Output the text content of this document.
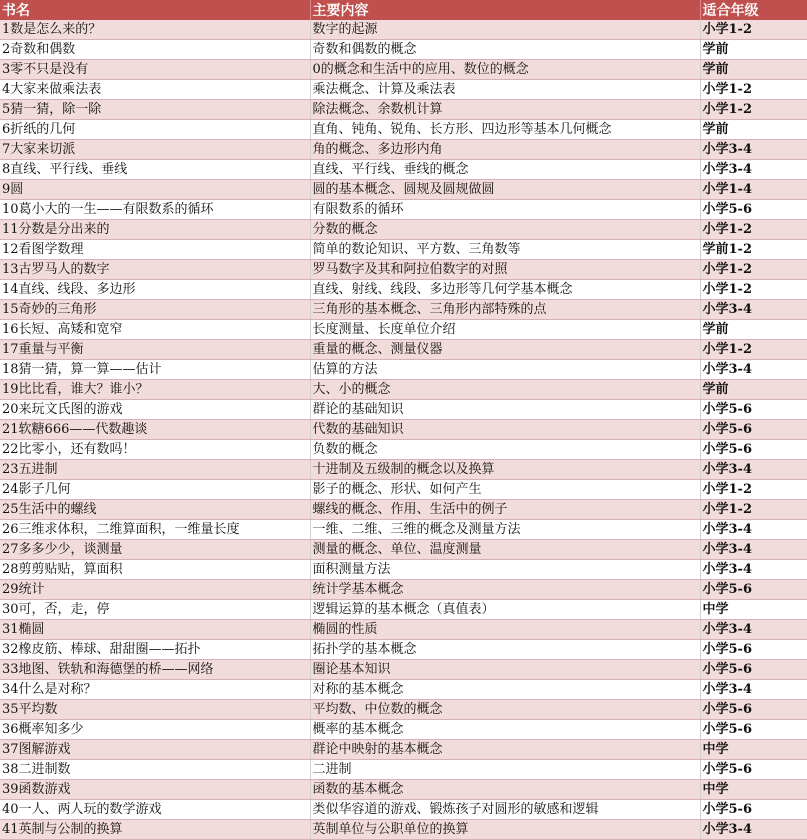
书名	主要内容	适合年级
1数是怎么来的？	数字的起源	小学1-2
2奇数和偶数	奇数和偶数的概念	学前
3零不只是没有	0的概念和生活中的应用、数位的概念	学前
4大家来做乘法表	乘法概念、计算及乘法表	小学1-2
5猜一猜，除一除	除法概念、余数机计算	小学1-2
6折纸的几何	直角、钝角、锐角、长方形、四边形等基本几何概念	学前
7大家来切派	角的概念、多边形内角	小学3-4
8直线、平行线、垂线	直线、平行线、垂线的概念	小学3-4
9圆	圆的基本概念、圆规及圆规做圆	小学1-4
10葛小大的一生——有限数系的循环	有限数系的循环	小学5-6
11分数是分出来的	分数的概念	小学1-2
12看图学数理	简单的数论知识、平方数、三角数等	学前1-2
13古罗马人的数字	罗马数字及其和阿拉伯数字的对照	小学1-2
14直线、线段、多边形	直线、射线、线段、多边形等几何学基本概念	小学1-2
15奇妙的三角形	三角形的基本概念、三角形内部特殊的点	小学3-4
16长短、高矮和宽窄	长度测量、长度单位介绍	学前
17重量与平衡	重量的概念、测量仪器	小学1-2
18猜一猜，算一算——估计	估算的方法	小学3-4
19比比看，谁大？谁小？	大、小的概念	学前
20来玩文氏图的游戏	群论的基础知识	小学5-6
21软糖666——代数趣谈	代数的基础知识	小学5-6
22比零小，还有数吗！	负数的概念	小学5-6
23五进制	十进制及五级制的概念以及换算	小学3-4
24影子几何	影子的概念、形状、如何产生	小学1-2
25生活中的螺线	螺线的概念、作用、生活中的例子	小学1-2
26三维求体积，二维算面积，一维量长度	一维、二维、三维的概念及测量方法	小学3-4
27多多少少，谈测量	测量的概念、单位、温度测量	小学3-4
28剪剪贴贴，算面积	面积测量方法	小学3-4
29统计	统计学基本概念	小学5-6
30可，否，走，停	逻辑运算的基本概念（真值表）	中学
31椭圆	椭圆的性质	小学3-4
32橡皮筋、棒球、甜甜圈——拓扑	拓扑学的基本概念	小学5-6
33地图、铁轨和海德堡的桥——网络	圈论基本知识	小学5-6
34什么是对称？	对称的基本概念	小学3-4
35平均数	平均数、中位数的概念	小学5-6
36概率知多少	概率的基本概念	小学5-6
37图解游戏	群论中映射的基本概念	中学
38二进制数	二进制	小学5-6
39函数游戏	函数的基本概念	中学
40一人、两人玩的数学游戏	类似华容道的游戏、锻炼孩子对圆形的敏感和逻辑	小学5-6
41英制与公制的换算	英制单位与公职单位的换算	小学3-4
